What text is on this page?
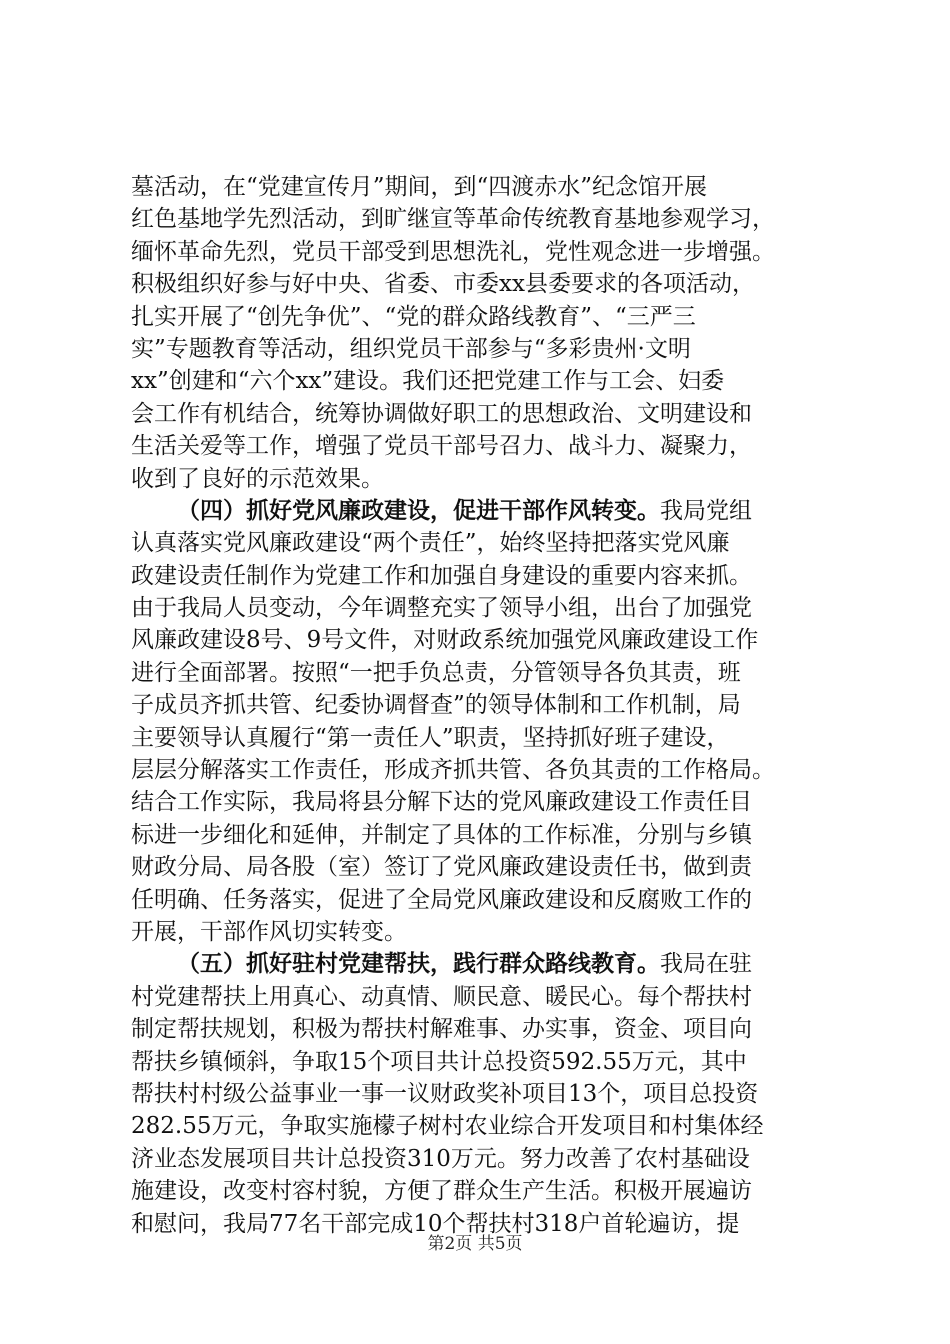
墓活动，在“党建宣传月”期间，到“四渡赤水”纪念馆开展
红色基地学先烈活动，到旷继宣等革命传统教育基地参观学习，
缅怀革命先烈，党员干部受到思想洗礼，党性观念进一步增强。
积极组织好参与好中央、省委、市委xx县委要求的各项活动，
扎实开展了“创先争优”、“党的群众路线教育”、“三严三
实”专题教育等活动，组织党员干部参与“多彩贵州·文明
xx”创建和“六个xx”建设。我们还把党建工作与工会、妇委
会工作有机结合，统筹协调做好职工的思想政治、文明建设和
生活关爱等工作，增强了党员干部号召力、战斗力、凝聚力，
收到了良好的示范效果。
（四）抓好党风廉政建设，促进干部作风转变。我局党组
认真落实党风廉政建设“两个责任”，始终坚持把落实党风廉
政建设责任制作为党建工作和加强自身建设的重要内容来抓。
由于我局人员变动，今年调整充实了领导小组，出台了加强党
风廉政建设8号、9号文件，对财政系统加强党风廉政建设工作
进行全面部署。按照“一把手负总责，分管领导各负其责，班
子成员齐抓共管、纪委协调督查”的领导体制和工作机制，局
主要领导认真履行“第一责任人”职责，坚持抓好班子建设，
层层分解落实工作责任，形成齐抓共管、各负其责的工作格局。
结合工作实际，我局将县分解下达的党风廉政建设工作责任目
标进一步细化和延伸，并制定了具体的工作标准，分别与乡镇
财政分局、局各股（室）签订了党风廉政建设责任书，做到责
任明确、任务落实，促进了全局党风廉政建设和反腐败工作的
开展，干部作风切实转变。
（五）抓好驻村党建帮扶，践行群众路线教育。我局在驻
村党建帮扶上用真心、动真情、顺民意、暖民心。每个帮扶村
制定帮扶规划，积极为帮扶村解难事、办实事，资金、项目向
帮扶乡镇倾斜，争取15个项目共计总投资592.55万元，其中
帮扶村村级公益事业一事一议财政奖补项目13个，项目总投资
282.55万元，争取实施檬子树村农业综合开发项目和村集体经
济业态发展项目共计总投资310万元。努力改善了农村基础设
施建设，改变村容村貌，方便了群众生产生活。积极开展遍访
和慰问，我局77名干部完成10个帮扶村318户首轮遍访，提
第2页 共5页
